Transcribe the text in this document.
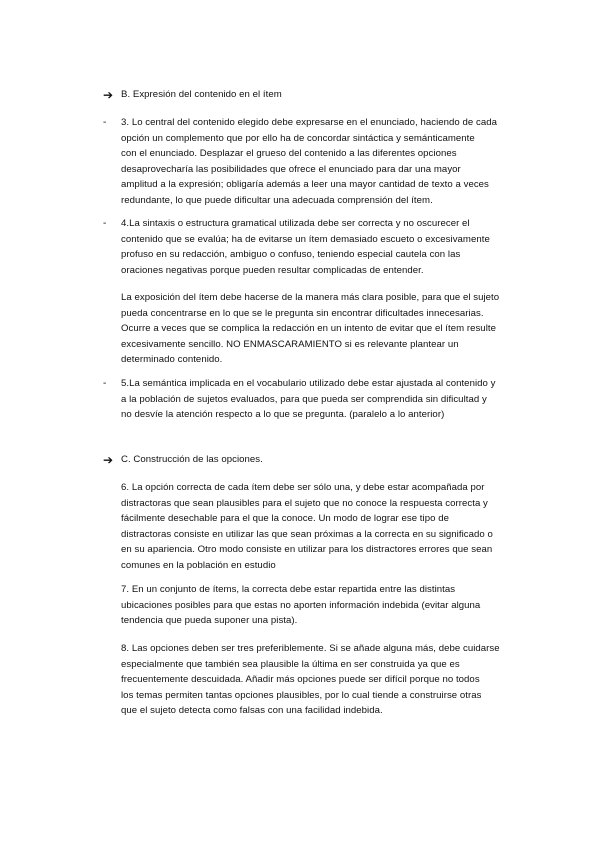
➔ B. Expresión del contenido en el ítem
- 3. Lo central del contenido elegido debe expresarse en el enunciado, haciendo de cada
opción un complemento que por ello ha de concordar sintáctica y semánticamente
con el enunciado. Desplazar el grueso del contenido a las diferentes opciones
desaprovecharía las posibilidades que ofrece el enunciado para dar una mayor
amplitud a la expresión; obligaría además a leer una mayor cantidad de texto a veces
redundante, lo que puede dificultar una adecuada comprensión del ítem.
- 4.La sintaxis o estructura gramatical utilizada debe ser correcta y no oscurecer el
contenido que se evalúa; ha de evitarse un ítem demasiado escueto o excesivamente
profuso en su redacción, ambiguo o confuso, teniendo especial cautela con las
oraciones negativas porque pueden resultar complicadas de entender.
La exposición del ítem debe hacerse de la manera más clara posible, para que el sujeto
pueda concentrarse en lo que se le pregunta sin encontrar dificultades innecesarias.
Ocurre a veces que se complica la redacción en un intento de evitar que el ítem resulte
excesivamente sencillo. NO ENMASCARAMIENTO si es relevante plantear un
determinado contenido.
- 5.La semántica implicada en el vocabulario utilizado debe estar ajustada al contenido y
a la población de sujetos evaluados, para que pueda ser comprendida sin dificultad y
no desvíe la atención respecto a lo que se pregunta. (paralelo a lo anterior)
➔ C. Construcción de las opciones.
6. La opción correcta de cada ítem debe ser sólo una, y debe estar acompañada por
distractoras que sean plausibles para el sujeto que no conoce la respuesta correcta y
fácilmente desechable para el que la conoce. Un modo de lograr ese tipo de
distractoras consiste en utilizar las que sean próximas a la correcta en su significado o
en su apariencia. Otro modo consiste en utilizar para los distractores errores que sean
comunes en la población en estudio
7. En un conjunto de ítems, la correcta debe estar repartida entre las distintas
ubicaciones posibles para que estas no aporten información indebida (evitar alguna
tendencia que pueda suponer una pista).
8. Las opciones deben ser tres preferiblemente. Si se añade alguna más, debe cuidarse
especialmente que también sea plausible la última en ser construida ya que es
frecuentemente descuidada. Añadir más opciones puede ser difícil porque no todos
los temas permiten tantas opciones plausibles, por lo cual tiende a construirse otras
que el sujeto detecta como falsas con una facilidad indebida.
